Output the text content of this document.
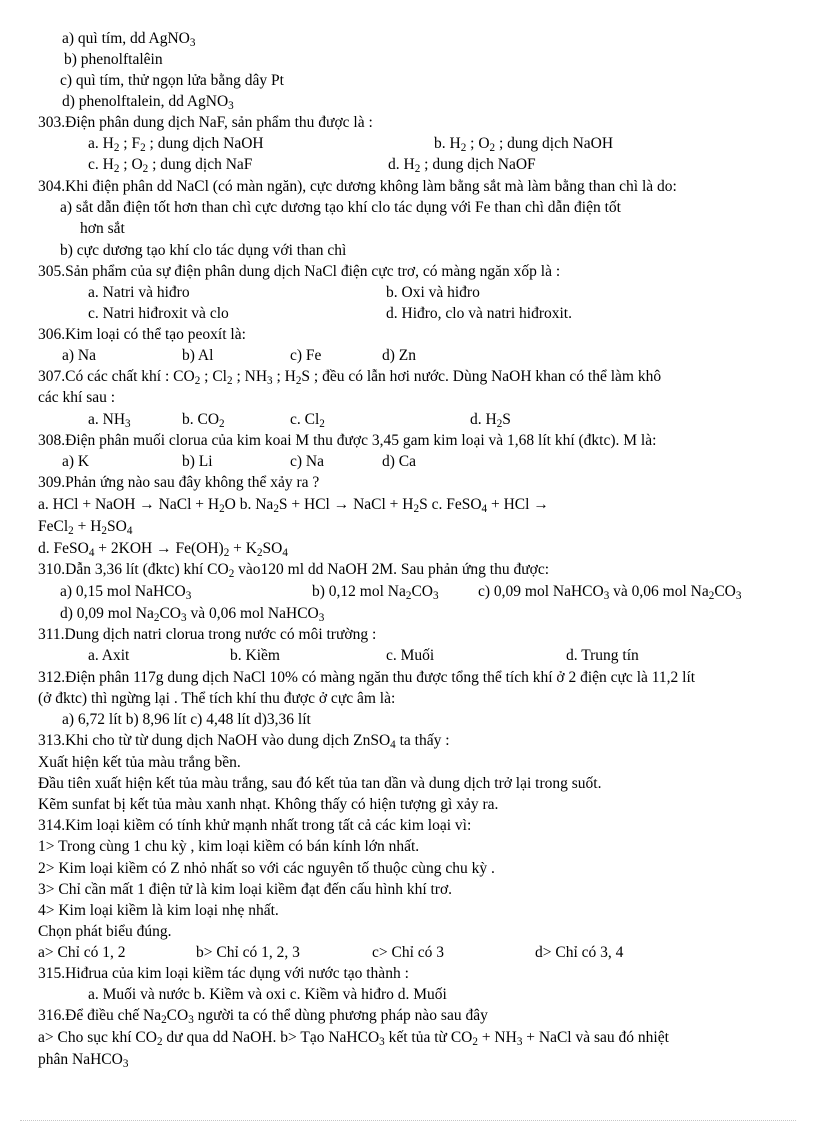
a) quì tím, dd AgNO$_3$
b) phenolftalêin
c) quì tím, thử ngọn lửa bằng dây Pt
d) phenolftalein, dd AgNO$_3$
303.Điện phân dung dịch NaF, sản phẩm thu được là :
a. $H_2$ ; $F_2$ ; dung dịch NaOH
c. $H_2$ ; $O_2$ ; dung dịch NaF
304.Khi điện phân dd NaCl (có màn ngăn), cực dương không làm bằng sắt mà làm bằng than chì là do:
a) sắt dẫn điện tốt hơn than chì cực dương tạo khí clo tác dụng với Fe than chì dẫn điện tốt
hơn sắt
b) cực dương tạo khí clo tác dụng với than chì
305.Sản phẩm của sự điện phân dung dịch NaCl điện cực trơ, có màng ngăn xốp là :
a. Natri và hiđro
c. Natri hiđroxit và clo
306.Kim loại có thể tạo peoxít là:
a) Na
307.Có các chất khí : $CO_2$ ; $Cl_2$ ; $NH_3$ ; $H_2S$ ; đều có lẫn hơi nước. Dùng NaOH khan có thể làm khô
các khí sau :
a. $NH_3$
308.Điện phân muối clorua của kim koai M thu được 3,45 gam kim loại và 1,68 lít khí (đktc). M là:
a) K
309.Phản ứng nào sau đây không thể xảy ra ?
a. HCl + NaOH → NaCl + $H_2O$ b. $Na_2S$ + HCl → NaCl + $H_2S$ c. FeSO$_4$ + HCl →
FeCl$_2$ + $H_2SO_4$
d. FeSO$_4$ + $2KOH \to Fe(OH)_2 + K_2SO_4$
310.Dẫn 3,36 lít (đktc) khí $CO_2$ vào120 ml dd NaOH 2M. Sau phản ứng thu được:
a) 0,15 mol NaHCO$_3$
d) 0,09 mol $Na_2CO_3$ và 0,06 mol NaHCO$_3$
311.Dung dịch natri clorua trong nước có môi trường :
a. Axit
312.Điện phân 117g dung dịch NaCl 10% có màng ngăn thu được tổng thể tích khí ở 2 điện cực là 11,2 lít
(ở đktc) thì ngừng lại . Thể tích khí thu được ở cực âm là:
a) 6,72 lít b) 8,96 lít c) 4,48 lít d)3,36 lít
313.Khi cho từ từ dung dịch NaOH vào dung dịch ZnSO$_4$ ta thấy :
Xuất hiện kết tủa màu trắng bền.
Đầu tiên xuất hiện kết tủa màu trắng, sau đó kết tủa tan dần và dung dịch trở lại trong suốt.
Kẽm sunfat bị kết tủa màu xanh nhạt. Không thấy có hiện tượng gì xảy ra.
314.Kim loại kiềm có tính khử mạnh nhất trong tất cả các kim loại vì:
1> Trong cùng 1 chu kỳ , kim loại kiềm có bán kính lớn nhất.
2> Kim loại kiềm có Z nhỏ nhất so với các nguyên tố thuộc cùng chu kỳ .
3> Chỉ cần mất 1 điện tử là kim loại kiềm đạt đến cấu hình khí trơ.
4> Kim loại kiềm là kim loại nhẹ nhất.
Chọn phát biểu đúng.
a> Chỉ có 1, 2
315.Hiđrua của kim loại kiềm tác dụng với nước tạo thành :
a. Muối và nước b. Kiềm và oxi c. Kiềm và hiđro d. Muối
316.Để điều chế $Na_2CO_3$ người ta có thể dùng phương pháp nào sau đây
a> Cho sục khí $CO_2$ dư qua dd NaOH. b> Tạo NaHCO$_3$ kết tủa từ $CO_2 + NH_3$ + NaCl và sau đó nhiệt
phân NaHCO$_3$
b. $H_2$ ; $O_2$ ; dung dịch NaOH
d. $H_2$ ; dung dịch NaOF
b. Oxi và hiđro
d. Hiđro, clo và natri hiđroxit.
b) Al	c) Fe	d) Zn
b. $CO_2$	c. $Cl_2$	d. $H_2S$
b) Li	c) Na	d) Ca
b) 0,12 mol $Na_2CO_3$	c) 0,09 mol NaHCO$_3$ và 0,06 mol $Na_2CO_3$
b. Kiềm	c. Muối	d. Trung tín
b> Chỉ có 1, 2, 3	c> Chỉ có 3	d> Chỉ có 3, 4
